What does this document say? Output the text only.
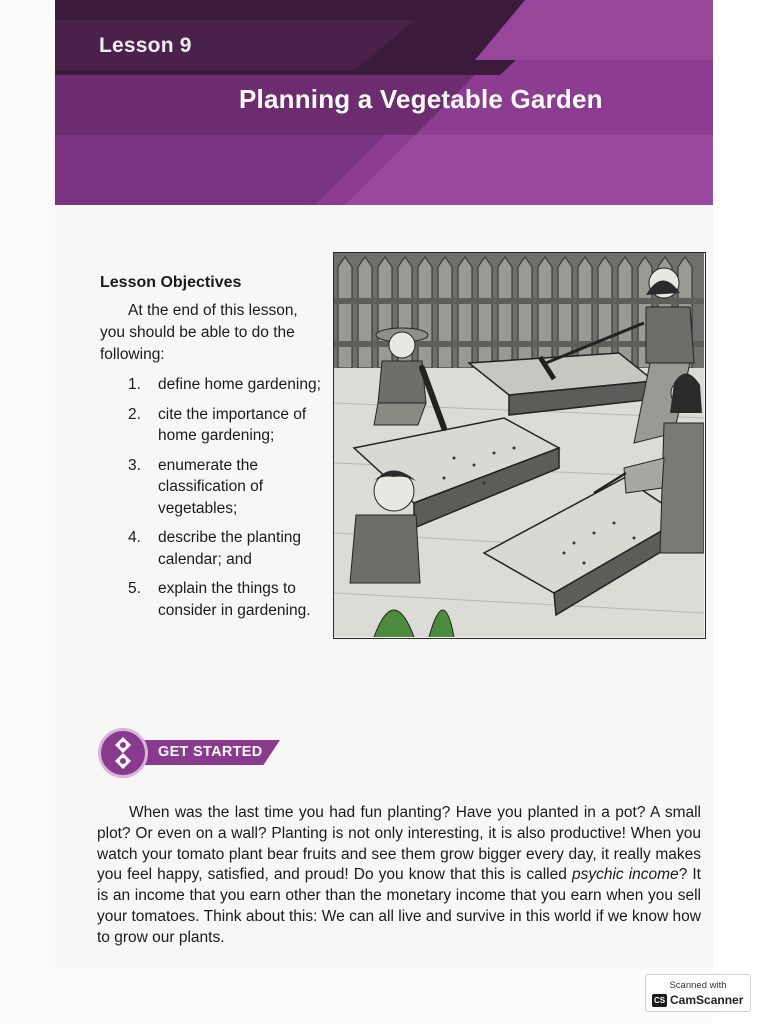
Lesson 9
Planning a Vegetable Garden
Lesson Objectives

At the end of this lesson, you should be able to do the following:

1. define home gardening;
2. cite the importance of home gardening;
3. enumerate the classification of vegetables;
4. describe the planting calendar; and
5. explain the things to consider in gardening.
GET STARTED

When was the last time you had fun planting? Have you planted in a pot? A small plot? Or even on a wall? Planting is not only interesting, it is also productive! When you watch your tomato plant bear fruits and see them grow bigger every day, it really makes you feel happy, satisfied, and proud! Do you know that this is called psychic income? It is an income that you earn other than the monetary income that you earn when you sell your tomatoes. Think about this: We can all live and survive in this world if we know how to grow our plants.

Scanned with
CS CamScanner
